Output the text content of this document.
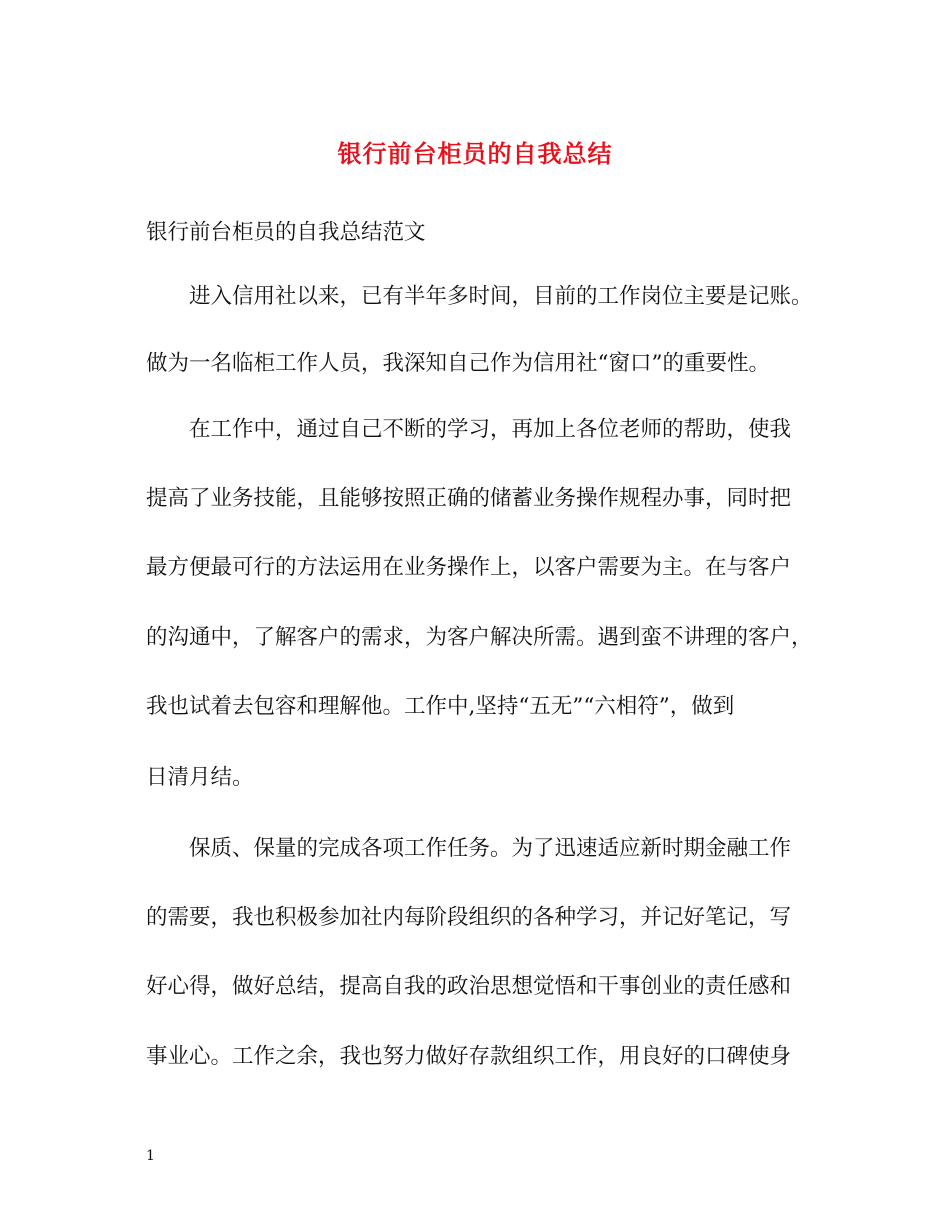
银行前台柜员的自我总结

银行前台柜员的自我总结范文

进入信用社以来，已有半年多时间，目前的工作岗位主要是记账。

做为一名临柜工作人员，我深知自己作为信用社“窗口”的重要性。

在工作中，通过自己不断的学习，再加上各位老师的帮助，使我

提高了业务技能，且能够按照正确的储蓄业务操作规程办事，同时把

最方便最可行的方法运用在业务操作上，以客户需要为主。在与客户

的沟通中，了解客户的需求，为客户解决所需。遇到蛮不讲理的客户，

我也试着去包容和理解他。工作中,坚持“五无”“六相符”，做到

日清月结。

保质、保量的完成各项工作任务。为了迅速适应新时期金融工作

的需要，我也积极参加社内每阶段组织的各种学习，并记好笔记，写

好心得，做好总结，提高自我的政治思想觉悟和干事创业的责任感和

事业心。工作之余，我也努力做好存款组织工作，用良好的口碑使身

1
